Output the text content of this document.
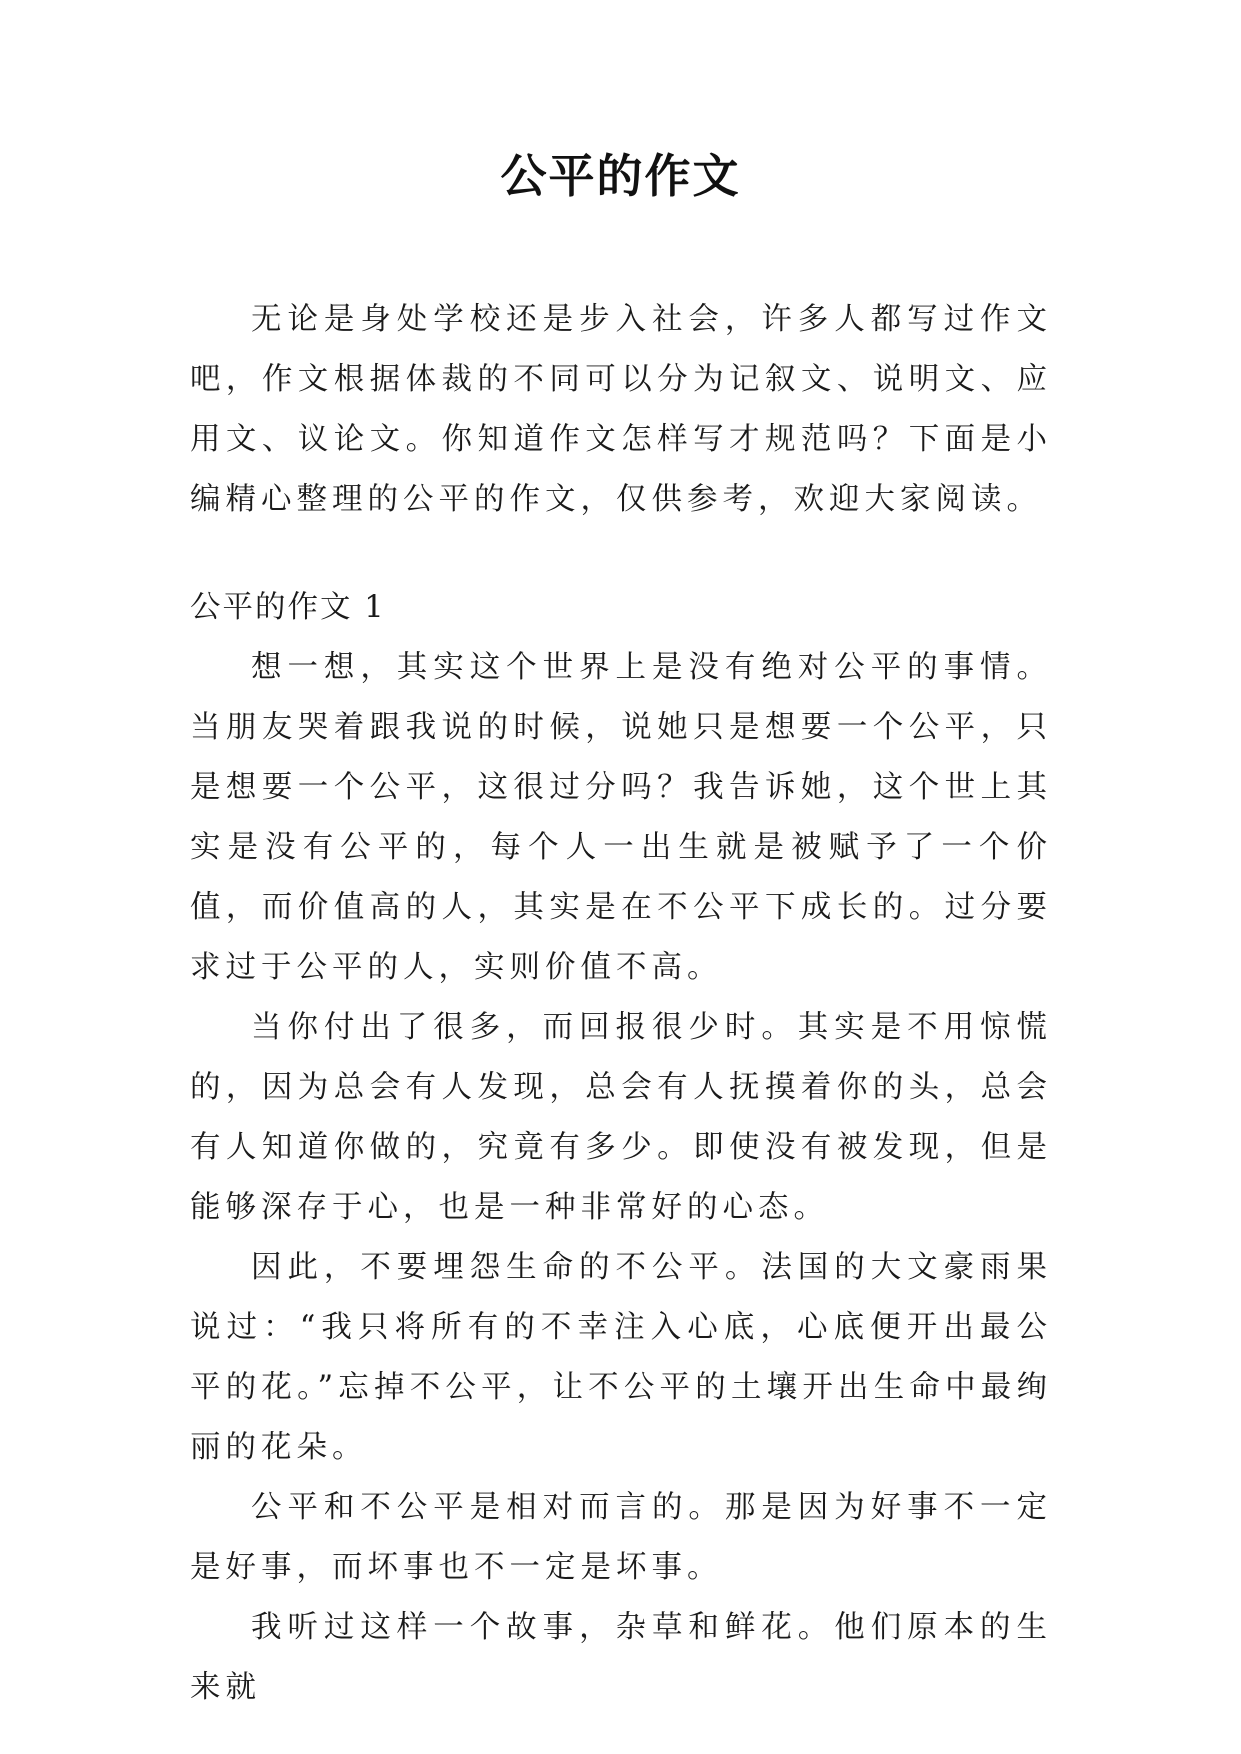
公平的作文

无论是身处学校还是步入社会，许多人都写过作文吧，作文根据体裁的不同可以分为记叙文、说明文、应用文、议论文。你知道作文怎样写才规范吗？下面是小编精心整理的公平的作文，仅供参考，欢迎大家阅读。

公平的作文 1

想一想，其实这个世界上是没有绝对公平的事情。当朋友哭着跟我说的时候，说她只是想要一个公平，只是想要一个公平，这很过分吗？我告诉她，这个世上其实是没有公平的，每个人一出生就是被赋予了一个价值，而价值高的人，其实是在不公平下成长的。过分要求过于公平的人，实则价值不高。

当你付出了很多，而回报很少时。其实是不用惊慌的，因为总会有人发现，总会有人抚摸着你的头，总会有人知道你做的，究竟有多少。即使没有被发现，但是能够深存于心，也是一种非常好的心态。

因此，不要埋怨生命的不公平。法国的大文豪雨果说过：“我只将所有的不幸注入心底，心底便开出最公平的花。”忘掉不公平，让不公平的土壤开出生命中最绚丽的花朵。

公平和不公平是相对而言的。那是因为好事不一定是好事，而坏事也不一定是坏事。

我听过这样一个故事，杂草和鲜花。他们原本的生来就
